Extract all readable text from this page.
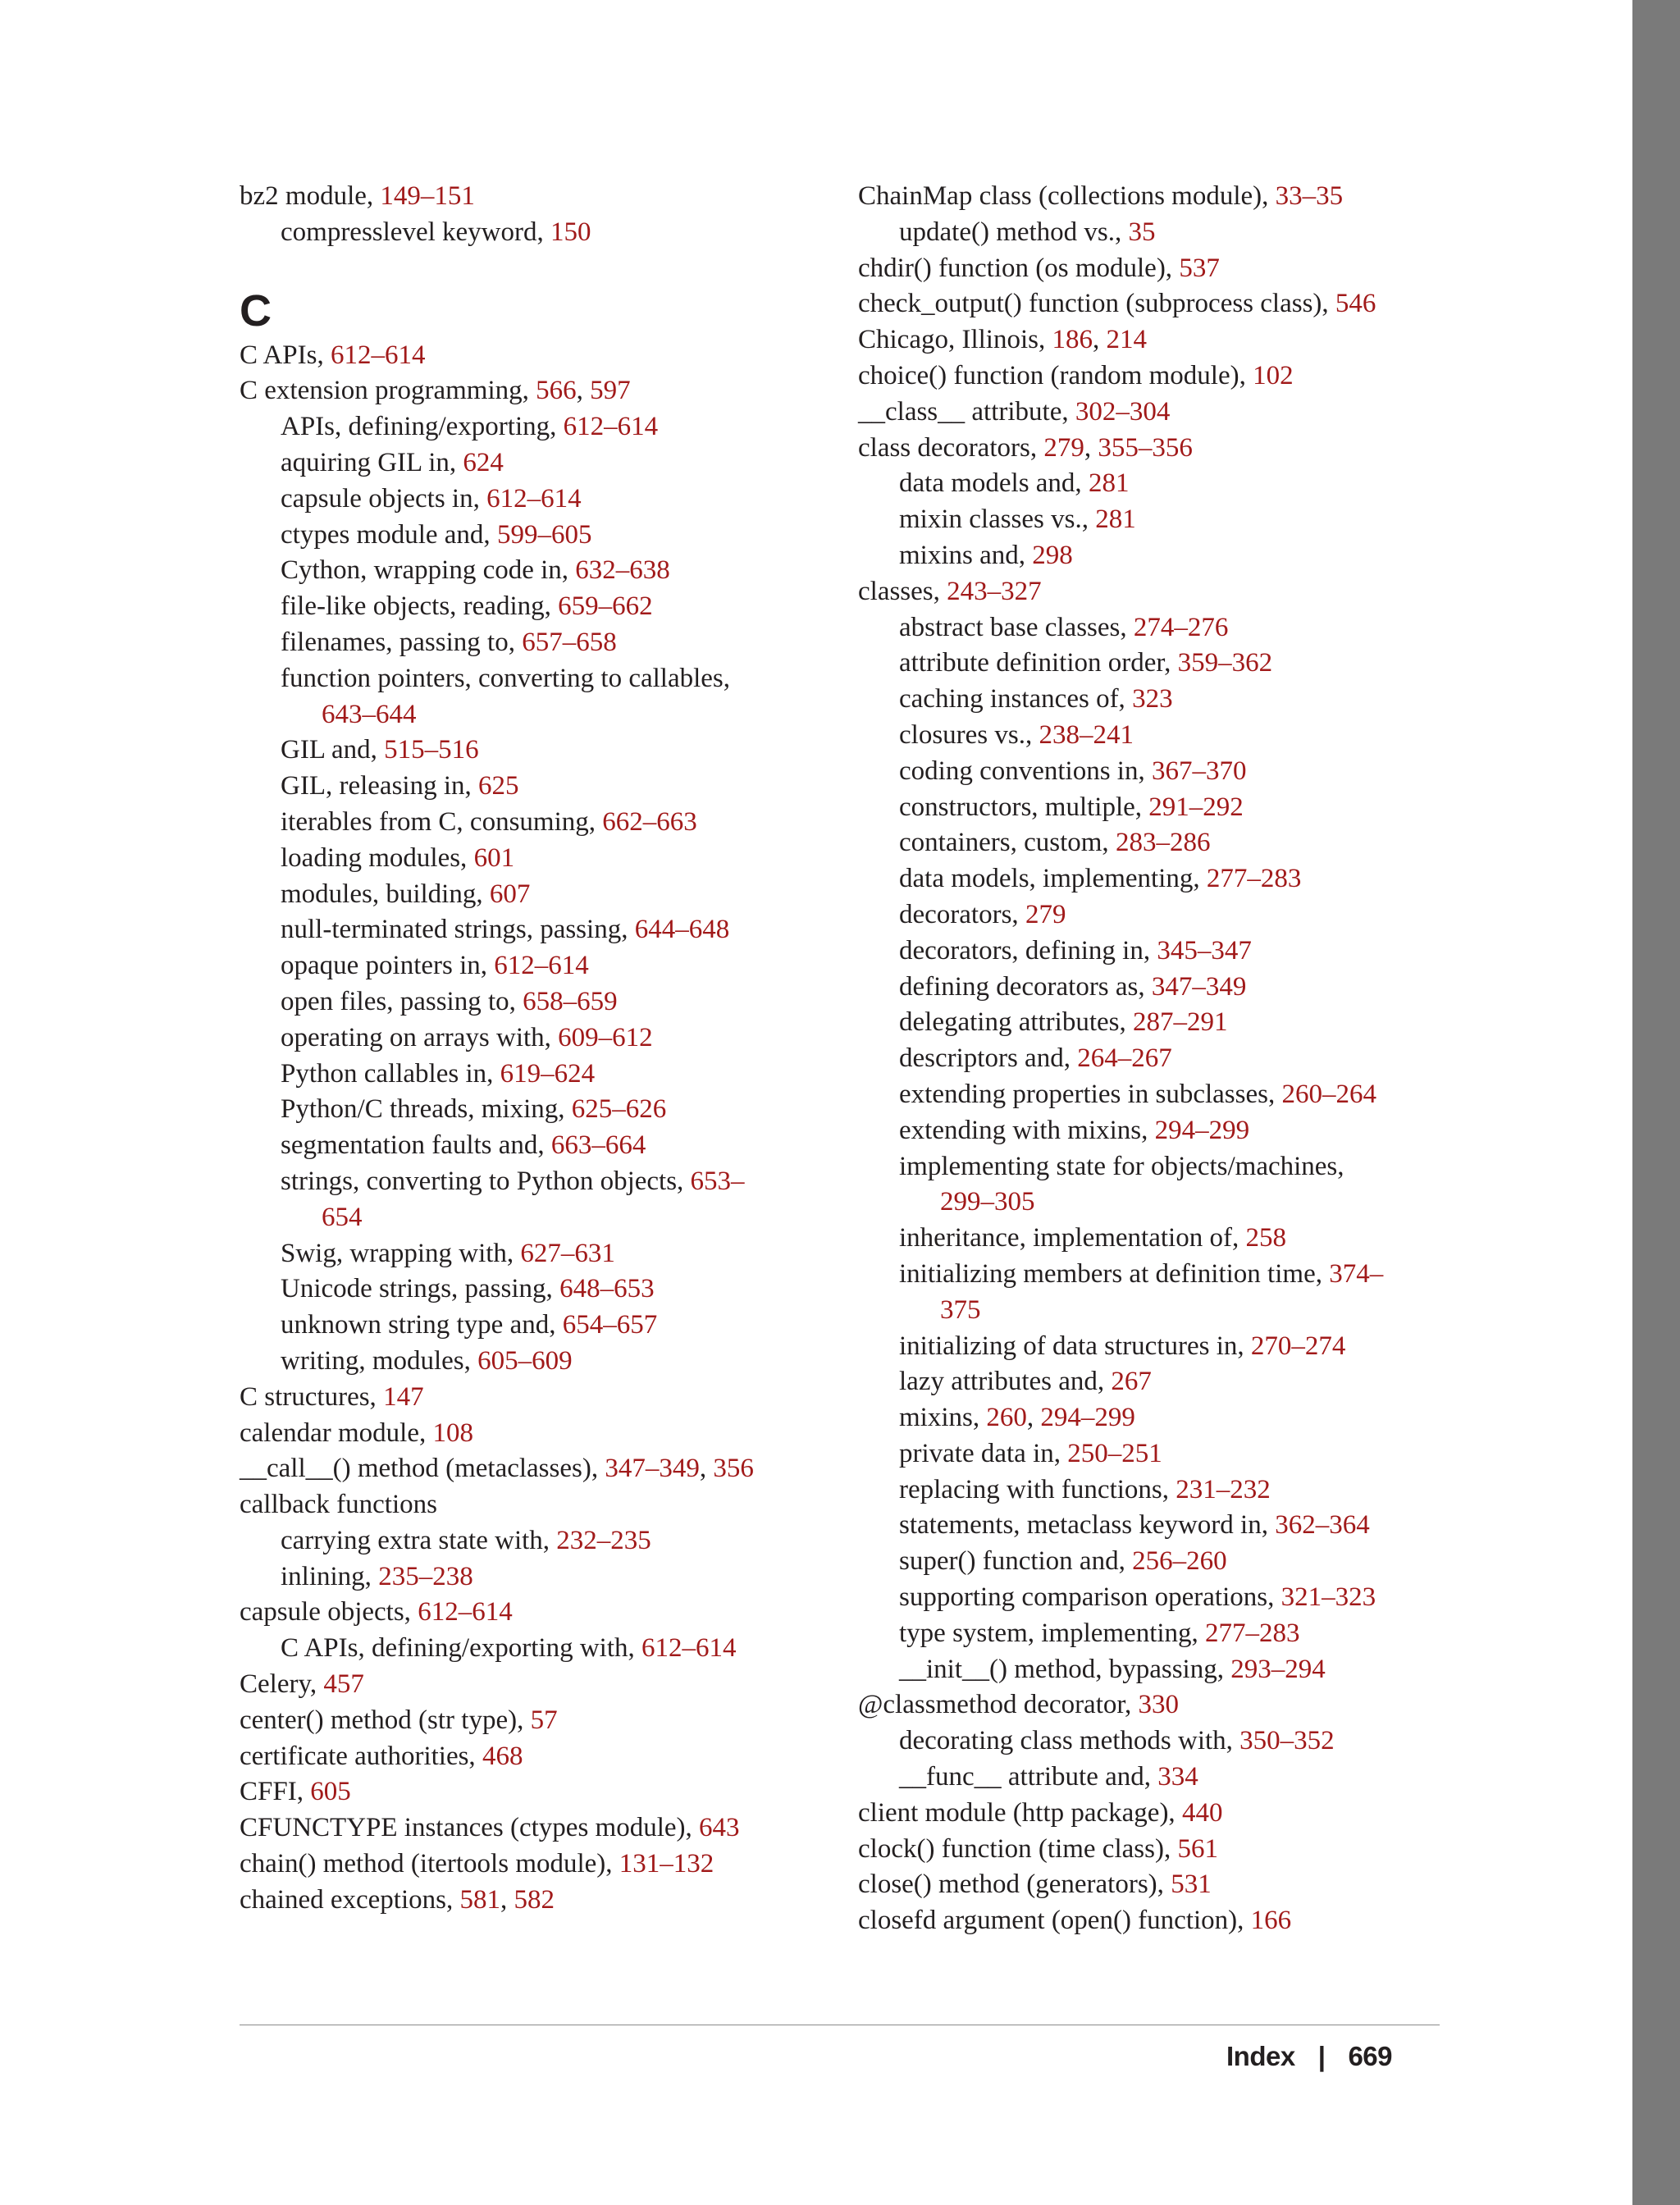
bz2 module, 149–151
compresslevel keyword, 150
C
C APIs, 612–614
C extension programming, 566, 597
APIs, defining/exporting, 612–614
aquiring GIL in, 624
capsule objects in, 612–614
ctypes module and, 599–605
Cython, wrapping code in, 632–638
file-like objects, reading, 659–662
filenames, passing to, 657–658
function pointers, converting to callables,
643–644
GIL and, 515–516
GIL, releasing in, 625
iterables from C, consuming, 662–663
loading modules, 601
modules, building, 607
null-terminated strings, passing, 644–648
opaque pointers in, 612–614
open files, passing to, 658–659
operating on arrays with, 609–612
Python callables in, 619–624
Python/C threads, mixing, 625–626
segmentation faults and, 663–664
strings, converting to Python objects, 653–
654
Swig, wrapping with, 627–631
Unicode strings, passing, 648–653
unknown string type and, 654–657
writing, modules, 605–609
C structures, 147
calendar module, 108
__call__() method (metaclasses), 347–349, 356
callback functions
carrying extra state with, 232–235
inlining, 235–238
capsule objects, 612–614
C APIs, defining/exporting with, 612–614
Celery, 457
center() method (str type), 57
certificate authorities, 468
CFFI, 605
CFUNCTYPE instances (ctypes module), 643
chain() method (itertools module), 131–132
chained exceptions, 581, 582
ChainMap class (collections module), 33–35
update() method vs., 35
chdir() function (os module), 537
check_output() function (subprocess class), 546
Chicago, Illinois, 186, 214
choice() function (random module), 102
__class__ attribute, 302–304
class decorators, 279, 355–356
data models and, 281
mixin classes vs., 281
mixins and, 298
classes, 243–327
abstract base classes, 274–276
attribute definition order, 359–362
caching instances of, 323
closures vs., 238–241
coding conventions in, 367–370
constructors, multiple, 291–292
containers, custom, 283–286
data models, implementing, 277–283
decorators, 279
decorators, defining in, 345–347
defining decorators as, 347–349
delegating attributes, 287–291
descriptors and, 264–267
extending properties in subclasses, 260–264
extending with mixins, 294–299
implementing state for objects/machines,
299–305
inheritance, implementation of, 258
initializing members at definition time, 374–
375
initializing of data structures in, 270–274
lazy attributes and, 267
mixins, 260, 294–299
private data in, 250–251
replacing with functions, 231–232
statements, metaclass keyword in, 362–364
super() function and, 256–260
supporting comparison operations, 321–323
type system, implementing, 277–283
__init__() method, bypassing, 293–294
@classmethod decorator, 330
decorating class methods with, 350–352
__func__ attribute and, 334
client module (http package), 440
clock() function (time class), 561
close() method (generators), 531
closefd argument (open() function), 166
Index | 669
